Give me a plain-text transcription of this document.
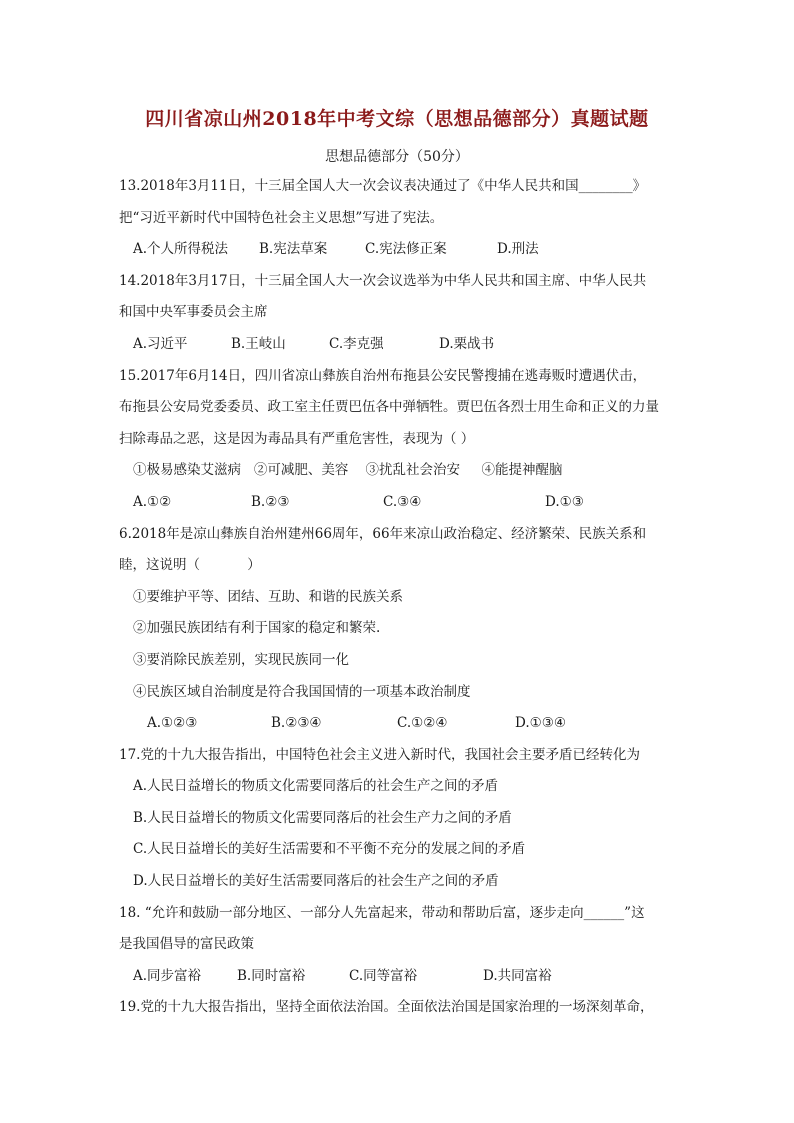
四川省凉山州2018年中考文综（思想品德部分）真题试题
思想品德部分（50分）
13.2018年3月11日，十三届全国人大一次会议表决通过了《中华人民共和国________》
把“习近平新时代中国特色社会主义思想”写进了宪法。
A.个人所得税法	B.宪法草案	C.宪法修正案	D.刑法
14.2018年3月17日，十三届全国人大一次会议选举为中华人民共和国主席、中华人民共
和国中央军事委员会主席
A.习近平	B.王岐山	C.李克强	D.栗战书
15.2017年6月14日，四川省凉山彝族自治州布拖县公安民警搜捕在逃毒贩时遭遇伏击，
布拖县公安局党委委员、政工室主任贾巴伍各中弹牺牲。贾巴伍各烈士用生命和正义的力量
扫除毒品之恶，这是因为毒品具有严重危害性，表现为（ ）
①极易感染艾滋病   ②可减肥、美容    ③扰乱社会治安     ④能提神醒脑
A.①②	B.②③	C.③④	D.①③
6.2018年是凉山彝族自治州建州66周年，66年来凉山政治稳定、经济繁荣、民族关系和
睦，这说明（           ）
①要维护平等、团结、互助、和谐的民族关系
②加强民族团结有利于国家的稳定和繁荣.
③要消除民族差别，实现民族同一化
④民族区域自治制度是符合我国国情的一项基本政治制度
A.①②③	B.②③④	C.①②④	D.①③④
17.党的十九大报告指出，中国特色社会主义进入新时代，我国社会主要矛盾已经转化为
A.人民日益增长的物质文化需要同落后的社会生产之间的矛盾
B.人民日益增长的物质文化需要同落后的社会生产力之间的矛盾
C.人民日益增长的美好生活需要和不平衡不充分的发展之间的矛盾
D.人民日益增长的美好生活需要同落后的社会生产之间的矛盾
18. “允许和鼓励一部分地区、一部分人先富起来，带动和帮助后富，逐步走向______”这
是我国倡导的富民政策
A.同步富裕	B.同时富裕	C.同等富裕	D.共同富裕
19.党的十九大报告指出，坚持全面依法治国。全面依法治国是国家治理的一场深刻革命，
